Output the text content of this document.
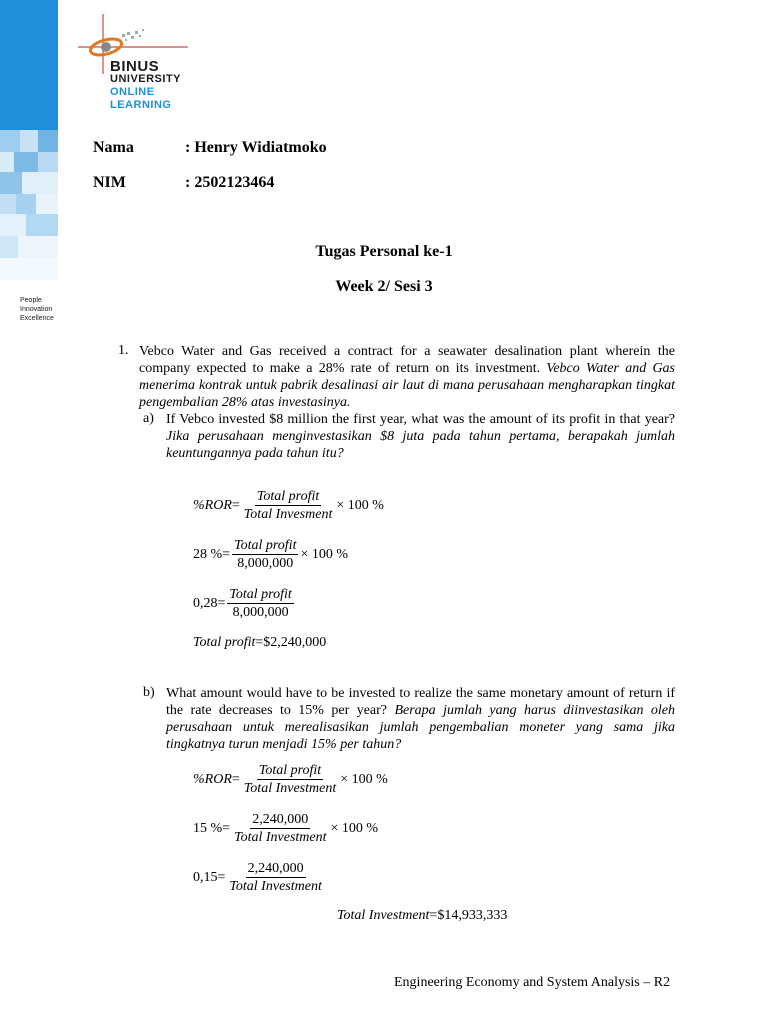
People
Innovation
Excellence
BINUS
UNIVERSITY
ONLINE
LEARNING
Nama	: Henry Widiatmoko
NIM	: 2502123464
Tugas Personal ke-1
Week 2/ Sesi 3
1. Vebco Water and Gas received a contract for a seawater desalination plant wherein the company expected to make a 28% rate of return on its investment. Vebco Water and Gas menerima kontrak untuk pabrik desalinasi air laut di mana perusahaan mengharapkan tingkat pengembalian 28% atas investasinya.
a) If Vebco invested $8 million the first year, what was the amount of its profit in that year? Jika perusahaan menginvestasikan $8 juta pada tahun pertama, berapakah jumlah keuntungannya pada tahun itu?
$\%ROR = \frac{\text{Total profit}}{\text{Total Invesment}} \times 100$ %
28 % = $\frac{\text{Total profit}}{8,000,000} \times 100$ %
$0,28 = \frac{\text{Total profit}}{8,000,000}$
Total profit = $2,240,000
b) What amount would have to be invested to realize the same monetary amount of return if the rate decreases to 15% per year? Berapa jumlah yang harus diinvestasikan oleh perusahaan untuk merealisasikan jumlah pengembalian moneter yang sama jika tingkatnya turun menjadi 15% per tahun?
$\%ROR = \frac{\text{Total profit}}{\text{Total Investment}} \times 100$ %
15 % = $\frac{2,240,000}{\text{Total Investment}} \times 100$ %
$0,15 = \frac{2,240,000}{\text{Total Investment}}$
Total Investment = $14,933,333
Engineering Economy and System Analysis – R2
